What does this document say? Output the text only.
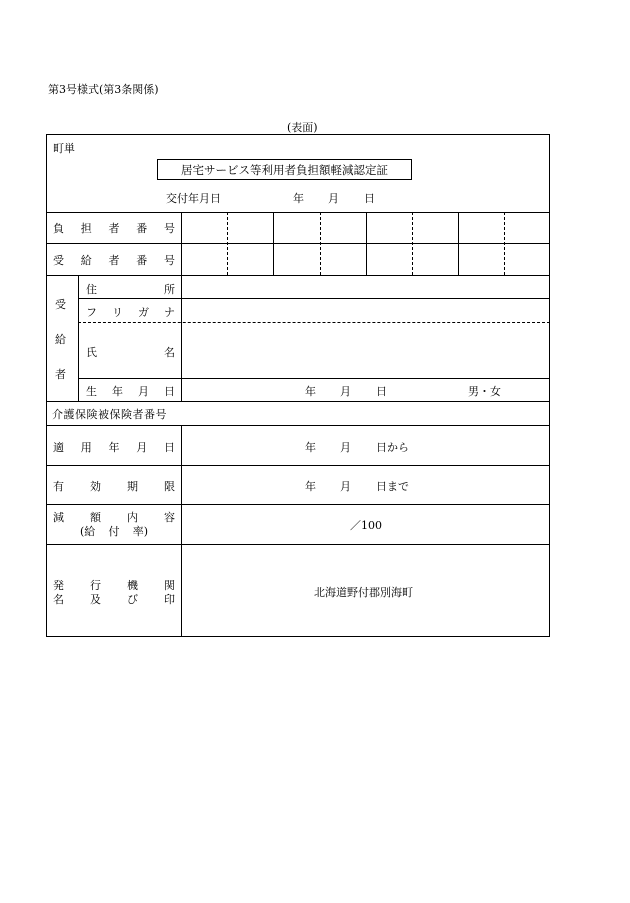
第3号様式(第3条関係)
(表面)
町単
居宅サービス等利用者負担額軽減認定証
交付年月日	年 月 日
負 担 者 番 号
受 給 者 番 号
受
給
者
住	所
フ リ ガ ナ
氏	名
生 年 月 日	年 月 日	男・女
介護保険被保険者番号
適 用 年 月 日	年 月 日から
有 効 期 限	年 月 日まで
減 額 内 容
(給 付 率)	／100
発 行 機 関
名 及 び 印
北海道野付郡別海町
